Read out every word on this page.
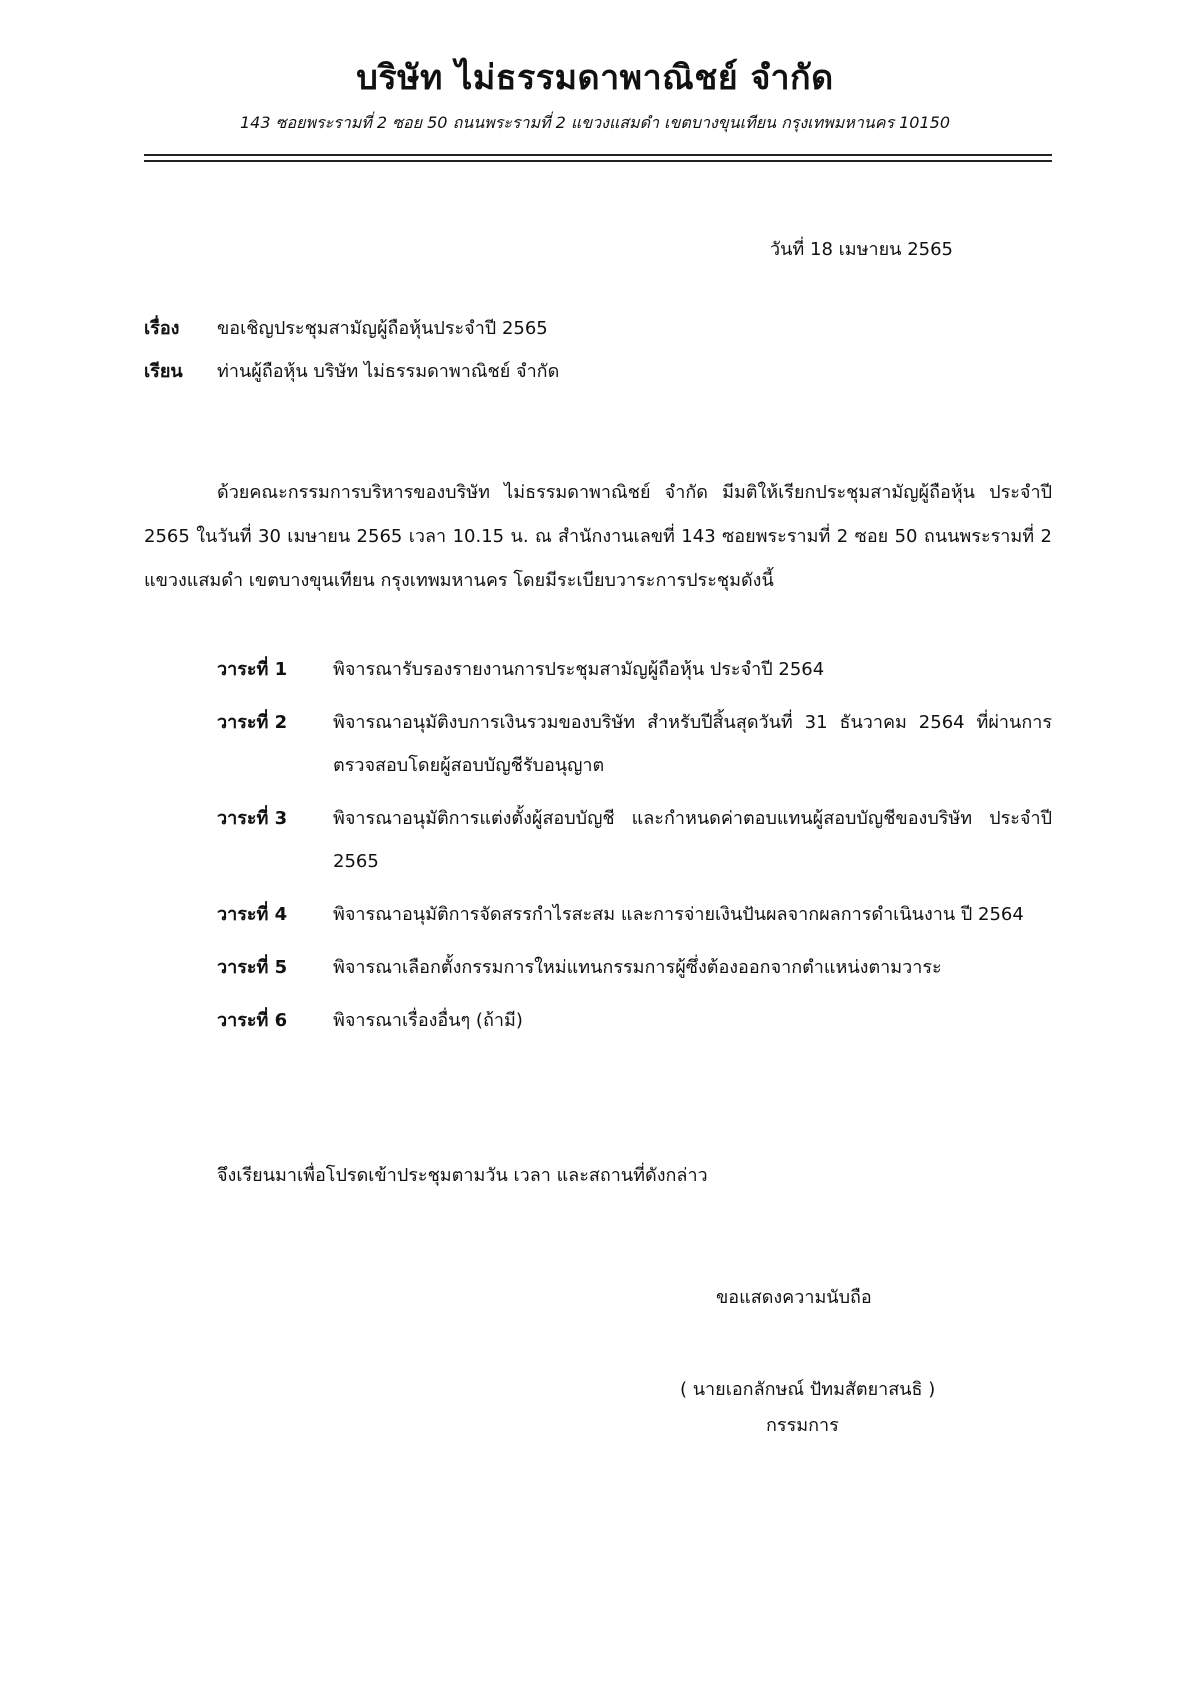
บริษัท ไม่ธรรมดาพาณิชย์ จำกัด
143 ซอยพระรามที่ 2 ซอย 50 ถนนพระรามที่ 2 แขวงแสมดำ เขตบางขุนเทียน กรุงเทพมหานคร 10150
วันที่ 18 เมษายน 2565
เรื่อง ขอเชิญประชุมสามัญผู้ถือหุ้นประจำปี 2565
เรียน ท่านผู้ถือหุ้น บริษัท ไม่ธรรมดาพาณิชย์ จำกัด
ด้วยคณะกรรมการบริหารของบริษัท ไม่ธรรมดาพาณิชย์ จำกัด มีมติให้เรียกประชุมสามัญผู้ถือหุ้น ประจำปี 2565 ในวันที่ 30 เมษายน 2565 เวลา 10.15 น. ณ สำนักงานเลขที่ 143 ซอยพระรามที่ 2 ซอย 50 ถนนพระรามที่ 2 แขวงแสมดำ เขตบางขุนเทียน กรุงเทพมหานคร โดยมีระเบียบวาระการประชุมดังนี้
วาระที่ 1	พิจารณารับรองรายงานการประชุมสามัญผู้ถือหุ้น ประจำปี 2564
วาระที่ 2	พิจารณาอนุมัติงบการเงินรวมของบริษัท สำหรับปีสิ้นสุดวันที่ 31 ธันวาคม 2564 ที่ผ่านการตรวจสอบโดยผู้สอบบัญชีรับอนุญาต
วาระที่ 3	พิจารณาอนุมัติการแต่งตั้งผู้สอบบัญชี และกำหนดค่าตอบแทนผู้สอบบัญชีของบริษัท ประจำปี 2565
วาระที่ 4	พิจารณาอนุมัติการจัดสรรกำไรสะสม และการจ่ายเงินปันผลจากผลการดำเนินงาน ปี 2564
วาระที่ 5	พิจารณาเลือกตั้งกรรมการใหม่แทนกรรมการผู้ซึ่งต้องออกจากตำแหน่งตามวาระ
วาระที่ 6	พิจารณาเรื่องอื่นๆ (ถ้ามี)
จึงเรียนมาเพื่อโปรดเข้าประชุมตามวัน เวลา และสถานที่ดังกล่าว
ขอแสดงความนับถือ
( นายเอกลักษณ์ ปัทมสัตยาสนธิ )
กรรมการ
